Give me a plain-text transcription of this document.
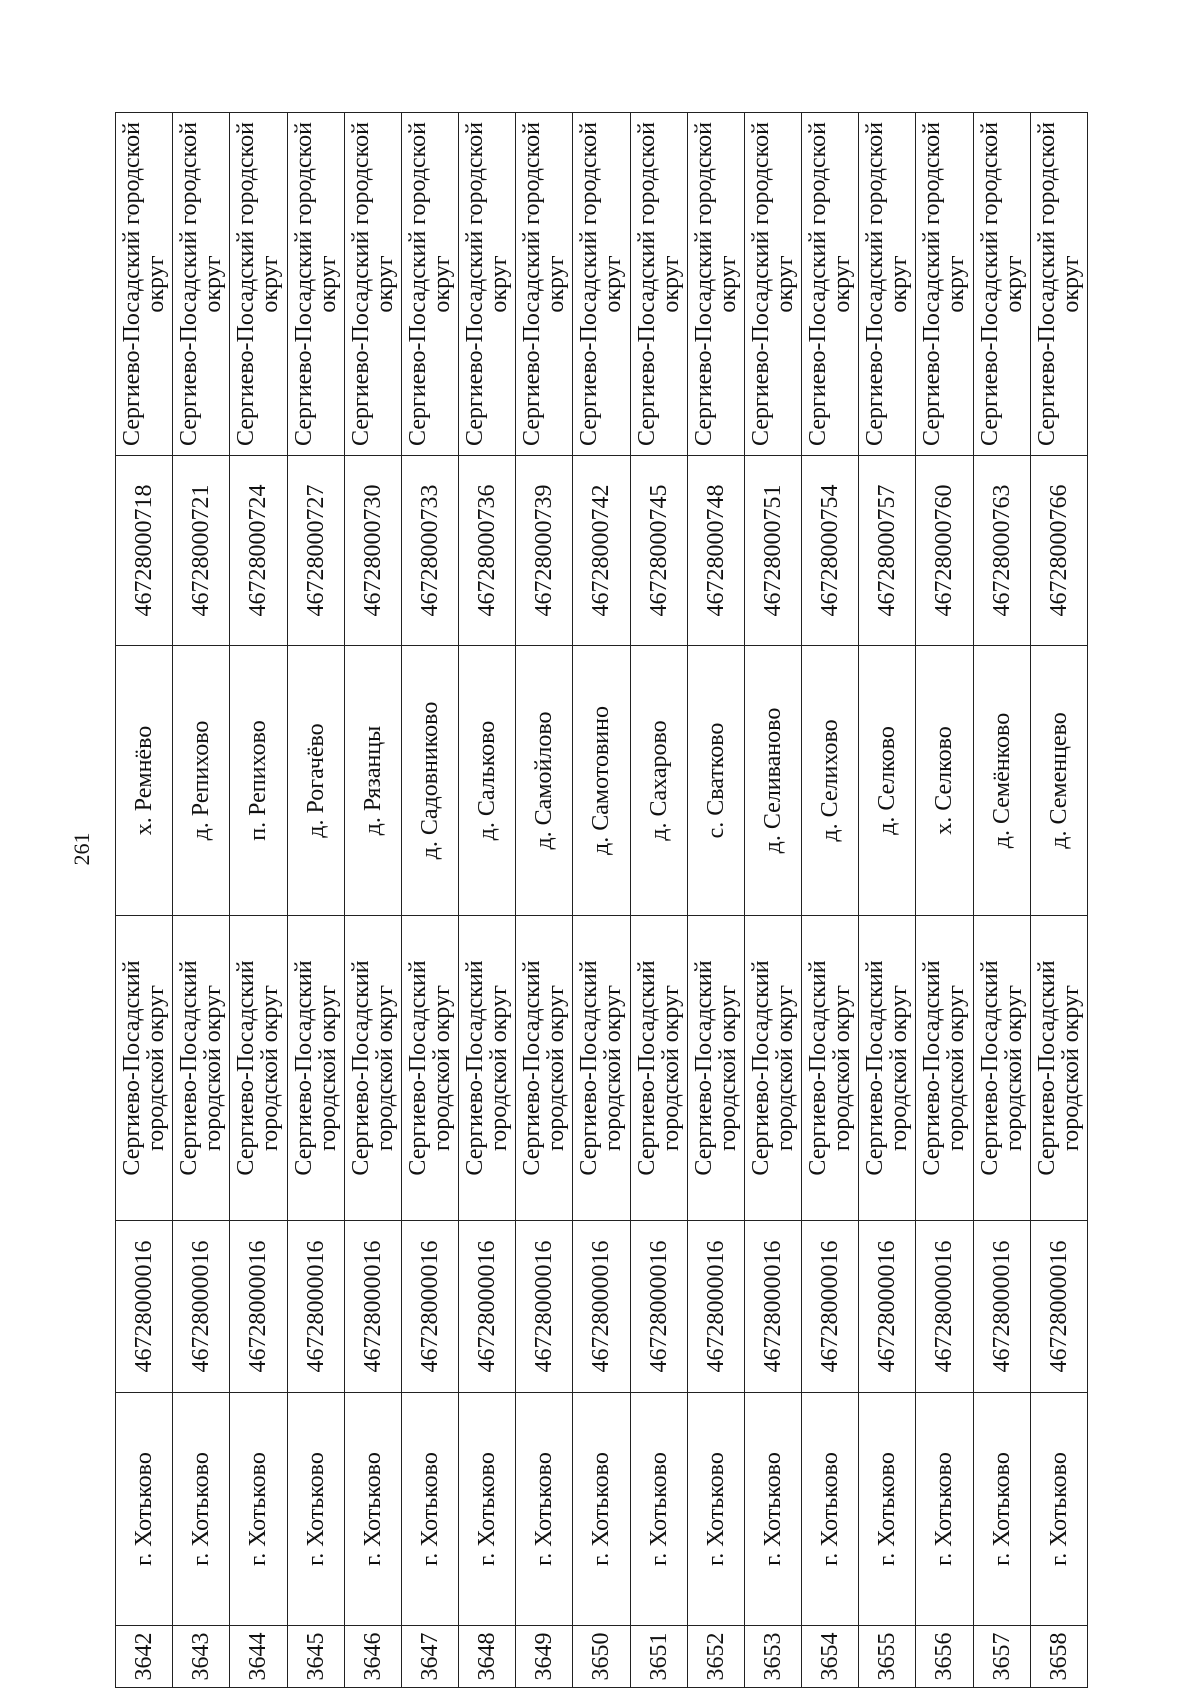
261
3642	г. Хотьково	46728000016	Сергиево-Посадский городской округ	х. Ремнёво	46728000718	Сергиево-Посадский городской округ
3643	г. Хотьково	46728000016	Сергиево-Посадский городской округ	д. Репихово	46728000721	Сергиево-Посадский городской округ
3644	г. Хотьково	46728000016	Сергиево-Посадский городской округ	п. Репихово	46728000724	Сергиево-Посадский городской округ
3645	г. Хотьково	46728000016	Сергиево-Посадский городской округ	д. Рогачёво	46728000727	Сергиево-Посадский городской округ
3646	г. Хотьково	46728000016	Сергиево-Посадский городской округ	д. Рязанцы	46728000730	Сергиево-Посадский городской округ
3647	г. Хотьково	46728000016	Сергиево-Посадский городской округ	д. Садовниково	46728000733	Сергиево-Посадский городской округ
3648	г. Хотьково	46728000016	Сергиево-Посадский городской округ	д. Сальково	46728000736	Сергиево-Посадский городской округ
3649	г. Хотьково	46728000016	Сергиево-Посадский городской округ	д. Самойлово	46728000739	Сергиево-Посадский городской округ
3650	г. Хотьково	46728000016	Сергиево-Посадский городской округ	д. Самотовино	46728000742	Сергиево-Посадский городской округ
3651	г. Хотьково	46728000016	Сергиево-Посадский городской округ	д. Сахарово	46728000745	Сергиево-Посадский городской округ
3652	г. Хотьково	46728000016	Сергиево-Посадский городской округ	с. Сватково	46728000748	Сергиево-Посадский городской округ
3653	г. Хотьково	46728000016	Сергиево-Посадский городской округ	д. Селиваново	46728000751	Сергиево-Посадский городской округ
3654	г. Хотьково	46728000016	Сергиево-Посадский городской округ	д. Селихово	46728000754	Сергиево-Посадский городской округ
3655	г. Хотьково	46728000016	Сергиево-Посадский городской округ	д. Селково	46728000757	Сергиево-Посадский городской округ
3656	г. Хотьково	46728000016	Сергиево-Посадский городской округ	х. Селково	46728000760	Сергиево-Посадский городской округ
3657	г. Хотьково	46728000016	Сергиево-Посадский городской округ	д. Семёнково	46728000763	Сергиево-Посадский городской округ
3658	г. Хотьково	46728000016	Сергиево-Посадский городской округ	д. Семенцево	46728000766	Сергиево-Посадский городской округ
